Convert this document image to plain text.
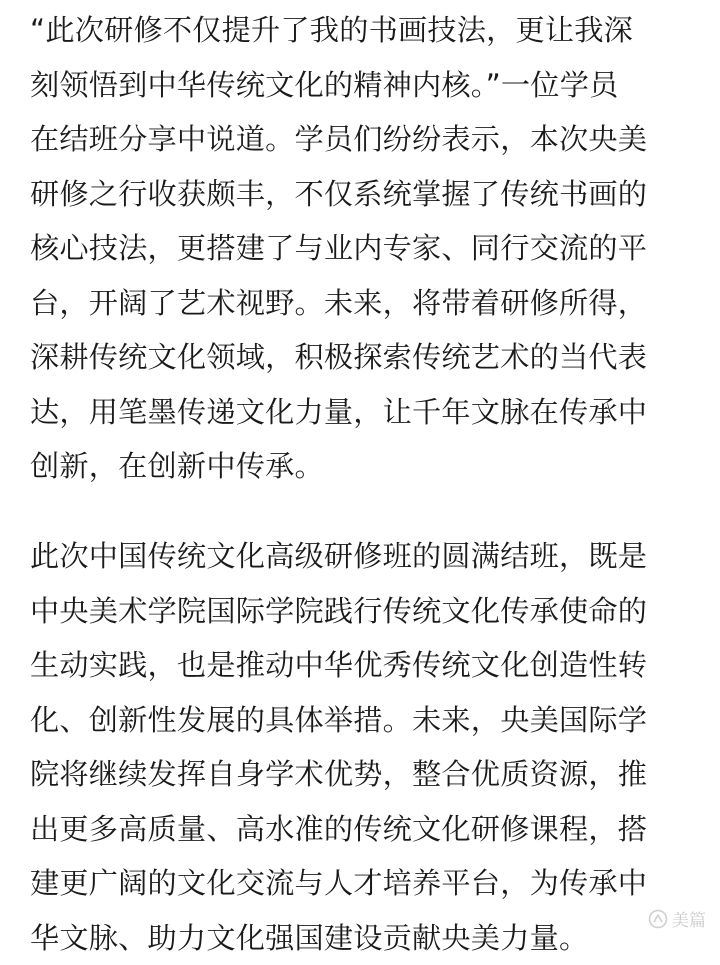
“此次研修不仅提升了我的书画技法，更让我深
刻领悟到中华传统文化的精神内核。”一位学员
在结班分享中说道。学员们纷纷表示，本次央美
研修之行收获颇丰，不仅系统掌握了传统书画的
核心技法，更搭建了与业内专家、同行交流的平
台，开阔了艺术视野。未来，将带着研修所得，
深耕传统文化领域，积极探索传统艺术的当代表
达，用笔墨传递文化力量，让千年文脉在传承中
创新，在创新中传承。
此次中国传统文化高级研修班的圆满结班，既是
中央美术学院国际学院践行传统文化传承使命的
生动实践，也是推动中华优秀传统文化创造性转
化、创新性发展的具体举措。未来，央美国际学
院将继续发挥自身学术优势，整合优质资源，推
出更多高质量、高水准的传统文化研修课程，搭
建更广阔的文化交流与人才培养平台，为传承中
华文脉、助力文化强国建设贡献央美力量。	美篇
